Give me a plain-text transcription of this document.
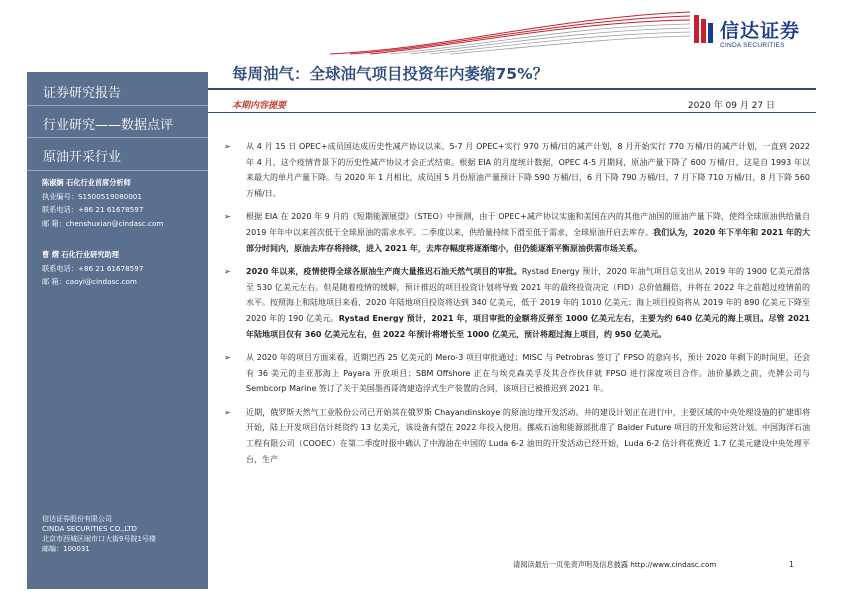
信达证券
CINDA SECURITIES
每周油气：全球油气项目投资年内萎缩75%？
证券研究报告
行业研究——数据点评
原油开采行业
陈淑娴 石化行业首席分析师
执业编号：S1500519080001
联系电话：+86 21 61678597
邮 箱：chenshuxian@cindasc.com
曹 熠 石化行业研究助理
联系电话：+86 21 61678597
邮 箱：caoyi@cindasc.com
信达证券股份有限公司
CINDA SECURITIES CO.,LTD
北京市西城区闹市口大街9号院1号楼
邮编：100031
本期内容提要	2020 年 09 月 27 日
➢ 从 4 月 15 日 OPEC+成员国达成历史性减产协议以来。5-7 月 OPEC+实行 970 万桶/日的减产计划，8 月开始实行 770 万桶/日的减产计划，一直到 2022 年 4 月，这个疫情背景下的历史性减产协议才会正式结束。根据 EIA 的月度统计数据，OPEC 4-5 月期间，原油产量下降了 600 万桶/日，这是自 1993 年以来最大的单月产量下降。与 2020 年 1 月相比，成员国 5 月份原油产量预计下降 590 万桶/日，6 月下降 790 万桶/日，7 月下降 710 万桶/日，8 月下降 560 万桶/日。
➢ 根据 EIA 在 2020 年 9 月的《短期能源展望》（STEO）中预测，由于 OPEC+减产协议实施和美国在内的其他产油国的原油产量下降，使得全球原油供给量自 2019 年年中以来首次低于全球原油的需求水平。二季度以来，供给量持续下滑至低于需求，全球原油开启去库存。我们认为，2020 年下半年和 2021 年的大部分时间内，原油去库存将持续，进入 2021 年，去库存幅度将逐渐缩小，但仍能逐渐平衡原油供需市场关系。
➢ 2020 年以来，疫情使得全球各原油生产商大量推迟石油天然气项目的审批。Rystad Energy 预计，2020 年油气项目总支出从 2019 年的 1900 亿美元滑落至 530 亿美元左右。但是随着疫情的缓解，预计推迟的项目投资计划将导致 2021 年的最终投资决定（FID）总价值翻倍，并将在 2022 年之前超过疫情前的水平。按照海上和陆地项目来看，2020 年陆地项目投资将达到 340 亿美元，低于 2019 年的 1010 亿美元；海上项目投资将从 2019 年的 890 亿美元下降至 2020 年的 190 亿美元。Rystad Energy 预计，2021 年，项目审批的金额将反弹至 1000 亿美元左右，主要为约 640 亿美元的海上项目。尽管 2021 年陆地项目仅有 360 亿美元左右，但 2022 年预计将增长至 1000 亿美元，预计将超过海上项目，约 950 亿美元。
➢ 从 2020 年的项目方面来看，近期巴西 25 亿美元的 Mero-3 项目审批通过；MISC 与 Petrobras 签订了 FPSO 的意向书，预计 2020 年剩下的时间里，还会有 36 美元的圭亚那海上 Payara 开放项目；SBM Offshore 正在与埃克森美孚及其合作伙伴就 FPSO 进行深度项目合作。油价暴跌之前，壳牌公司与 Sembcorp Marine 签订了关于美国墨西哥湾建造浮式生产装置的合同，该项目已被推迟到 2021 年。
➢ 近期，俄罗斯天然气工业股份公司已开始其在俄罗斯 Chayandinskoye 的原油边缘开发活动。井的建设计划正在进行中，主要区域的中央处理设施的扩建即将开始，陆上开发项目估计耗资约 13 亿美元，该设备有望在 2022 年投入使用。挪威石油和能源部批准了 Balder Future 项目的开发和运营计划。中国海洋石油工程有限公司（COOEC）在第二季度时报中确认了中海油在中国的 Luda 6-2 油田的开发活动已经开始，Luda 6-2 估计将花费近 1.7 亿美元建设中央处理平台，生产
请阅读最后一页免责声明及信息披露 http://www.cindasc.com	1
